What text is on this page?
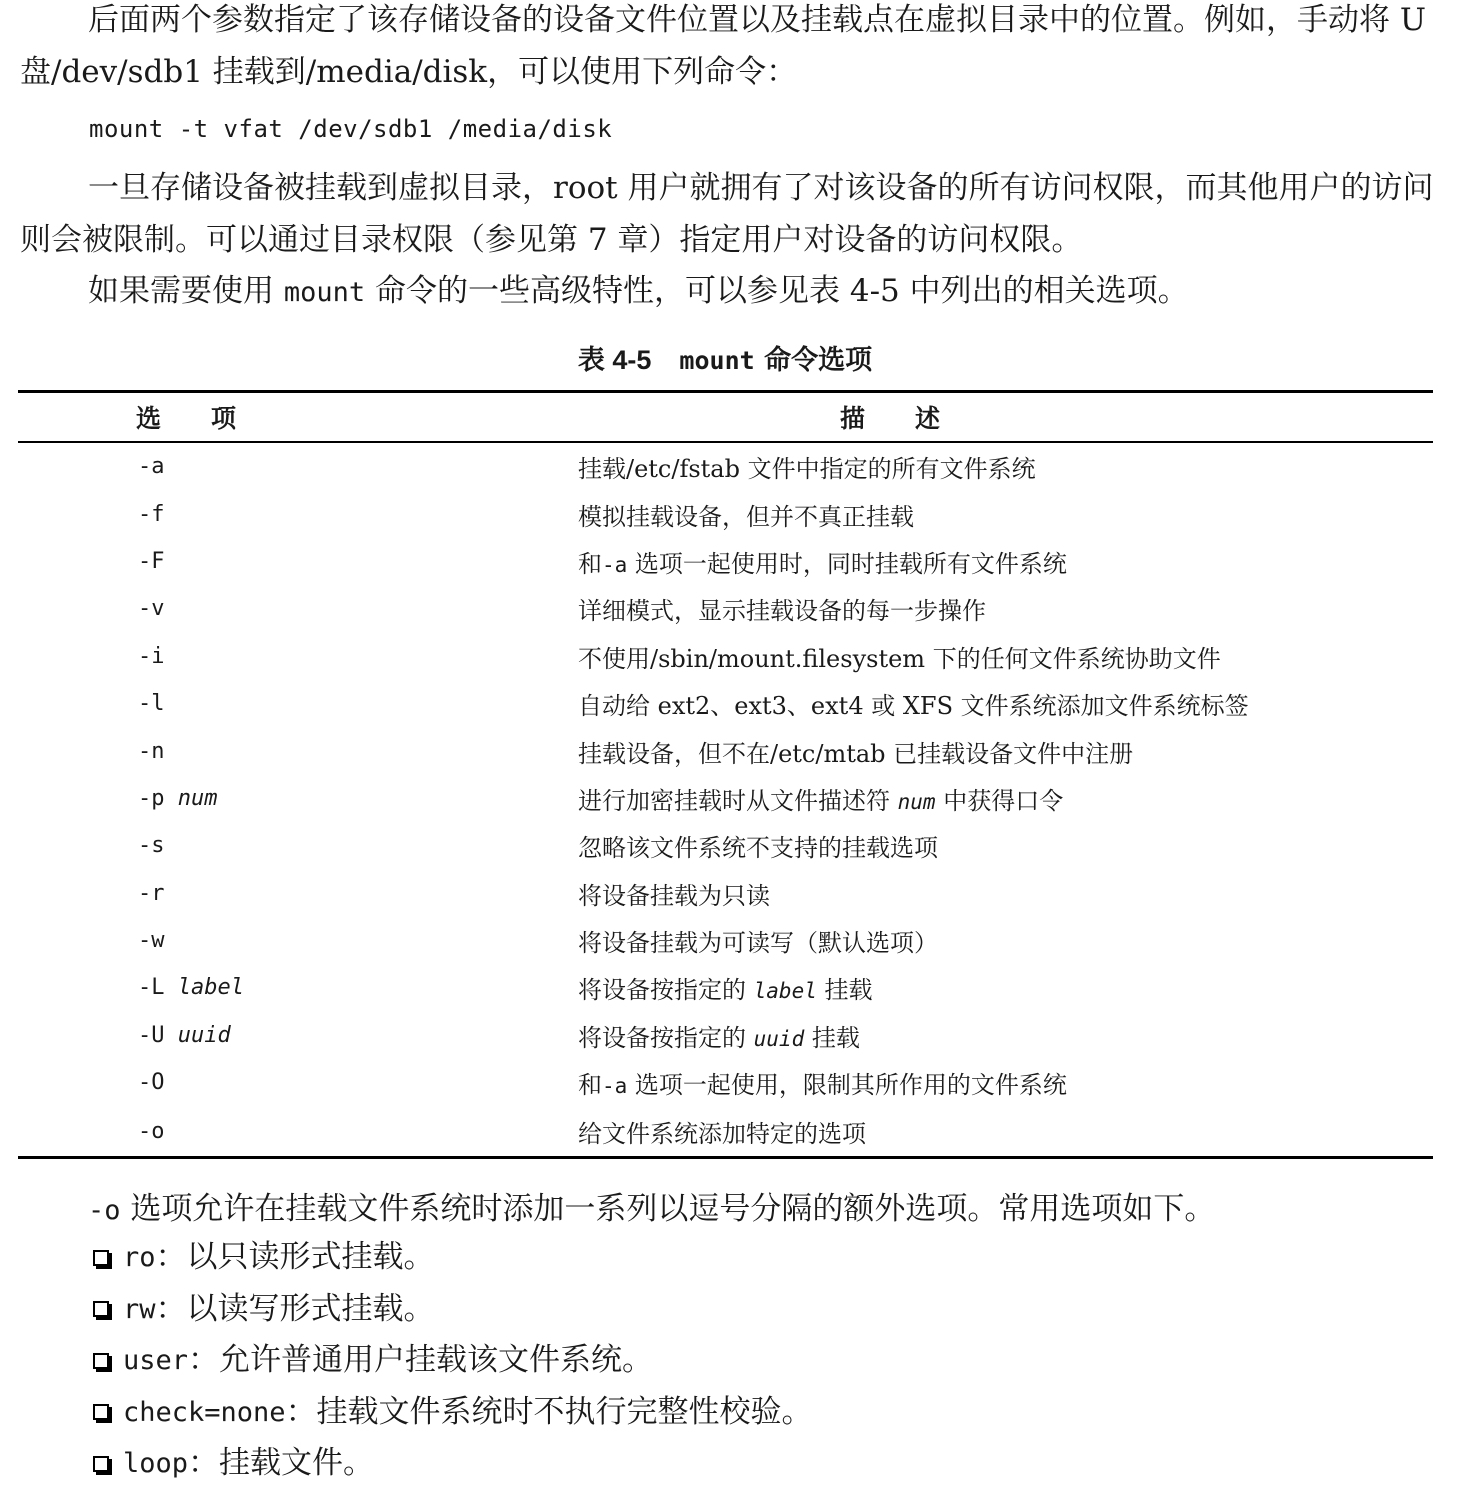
后面两个参数指定了该存储设备的设备文件位置以及挂载点在虚拟目录中的位置。例如，手动将 U 盘/dev/sdb1 挂载到/media/disk，可以使用下列命令：

mount -t vfat /dev/sdb1 /media/disk

一旦存储设备被挂载到虚拟目录，root 用户就拥有了对该设备的所有访问权限，而其他用户的访问则会被限制。可以通过目录权限（参见第 7 章）指定用户对设备的访问权限。

如果需要使用 mount 命令的一些高级特性，可以参见表 4-5 中列出的相关选项。

表 4-5 mount 命令选项
选项	描述
-a	挂载/etc/fstab 文件中指定的所有文件系统
-f	模拟挂载设备，但并不真正挂载
-F	和-a 选项一起使用时，同时挂载所有文件系统
-v	详细模式，显示挂载设备的每一步操作
-i	不使用/sbin/mount.filesystem 下的任何文件系统协助文件
-l	自动给 ext2、ext3、ext4 或 XFS 文件系统添加文件系统标签
-n	挂载设备，但不在/etc/mtab 已挂载设备文件中注册
-p num	进行加密挂载时从文件描述符 num 中获得口令
-s	忽略该文件系统不支持的挂载选项
-r	将设备挂载为只读
-w	将设备挂载为可读写（默认选项）
-L label	将设备按指定的 label 挂载
-U uuid	将设备按指定的 uuid 挂载
-O	和-a 选项一起使用，限制其所作用的文件系统
-o	给文件系统添加特定的选项

-o 选项允许在挂载文件系统时添加一系列以逗号分隔的额外选项。常用选项如下。

ro ：以只读形式挂载。
rw ：以读写形式挂载。
user ：允许普通用户挂载该文件系统。
check=none ：挂载文件系统时不执行完整性校验。
loop ：挂载文件。
